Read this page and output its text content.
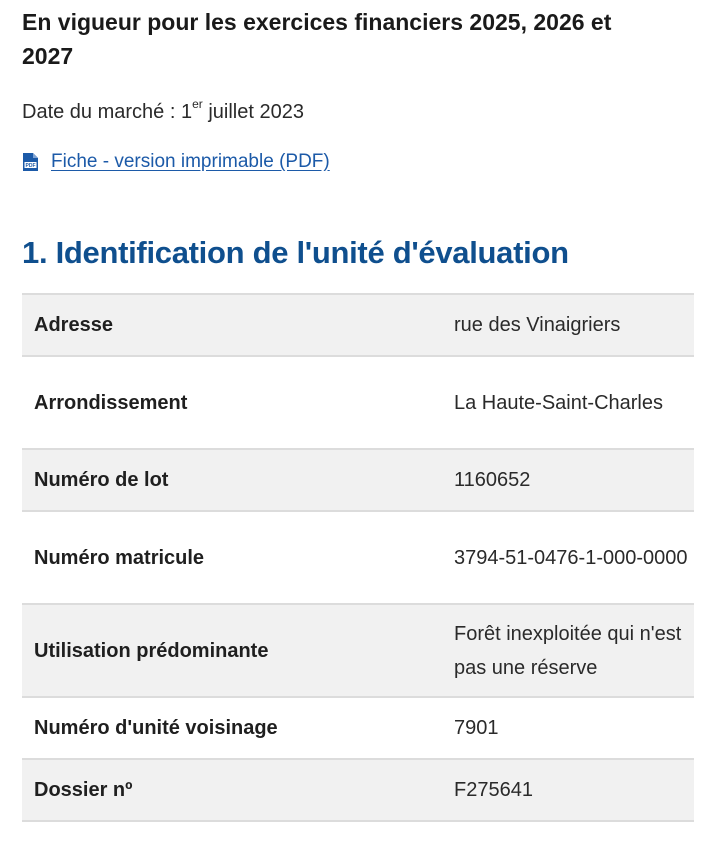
En vigueur pour les exercices financiers 2025, 2026 et 2027

Date du marché : 1er juillet 2023

PDF Fiche - version imprimable (PDF)
1. Identification de l'unité d'évaluation
Adresse	rue des Vinaigriers
Arrondissement	La Haute-Saint-Charles
Numéro de lot	1160652
Numéro matricule	3794-51-0476-1-000-0000
Utilisation prédominante	Forêt inexploitée qui n'est pas une réserve
Numéro d'unité voisinage	7901
Dossier nº	F275641
